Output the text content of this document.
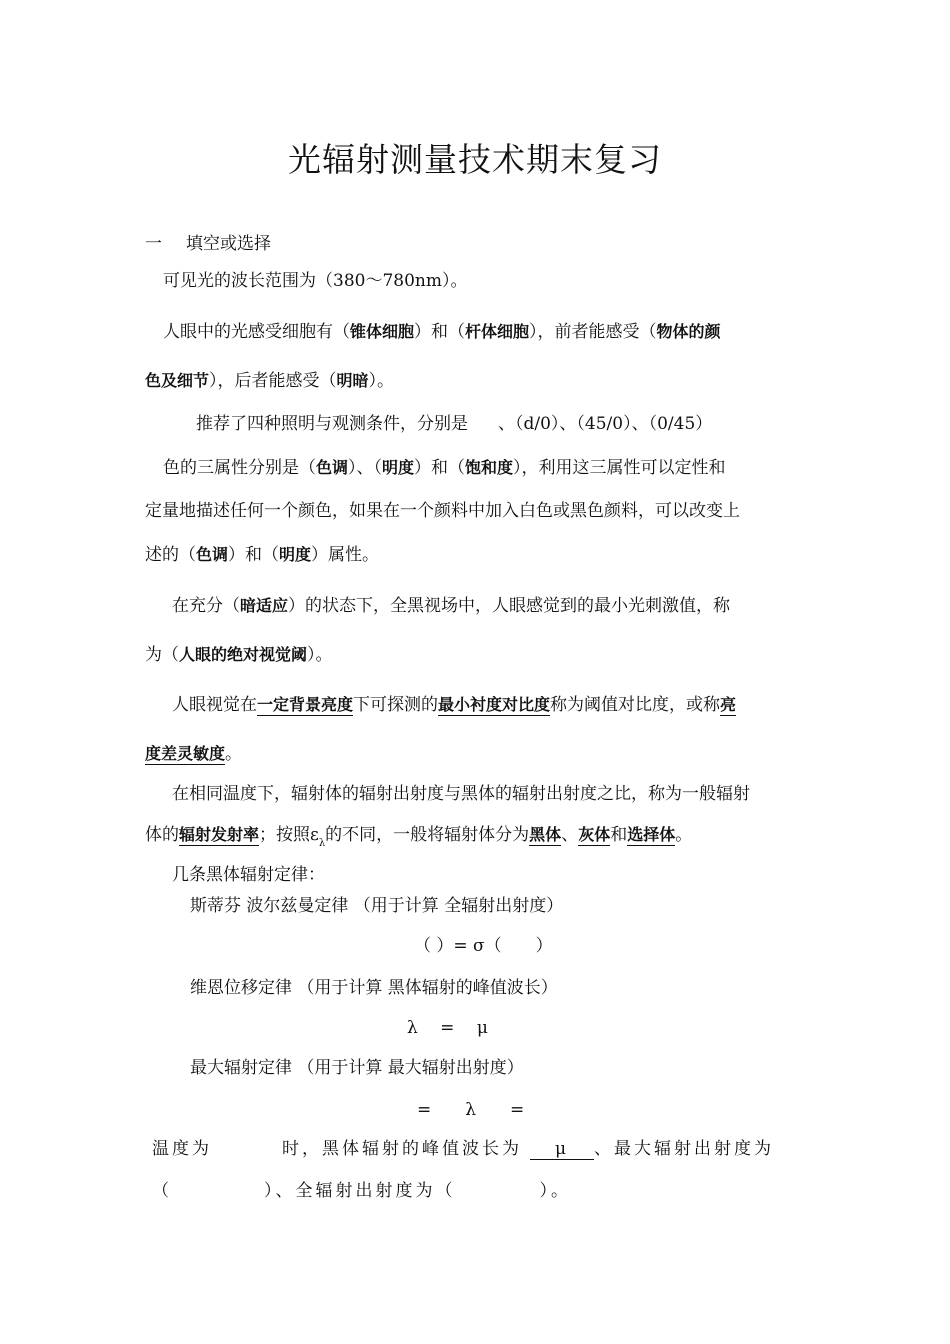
光辐射测量技术期末复习
一 填空或选择
可见光的波长范围为（380～780nm）。
人眼中的光感受细胞有（锥体细胞）和（杆体细胞），前者能感受（物体的颜
色及细节），后者能感受（明暗）。
推荐了四种照明与观测条件，分别是 、（d/0）、（45/0）、（0/45）
色的三属性分别是（色调）、（明度）和（饱和度），利用这三属性可以定性和
定量地描述任何一个颜色，如果在一个颜料中加入白色或黑色颜料，可以改变上
述的（色调）和（明度）属性。
在充分（暗适应）的状态下，全黑视场中，人眼感觉到的最小光刺激值，称
为（人眼的绝对视觉阈）。
人眼视觉在一定背景亮度下可探测的最小衬度对比度称为阈值对比度，或称亮
度差灵敏度。
在相同温度下，辐射体的辐射出射度与黑体的辐射出射度之比，称为一般辐射
体的辐射发射率；按照$\varepsilon_\lambda$的不同，一般将辐射体分为黑体、灰体和选择体。
几条黑体辐射定律：
斯蒂芬 波尔兹曼定律 （用于计算 全辐射出射度）
（ ）= σ（　　）
维恩位移定律 （用于计算 黑体辐射的峰值波长）
λ　 =　 μ
最大辐射定律 （用于计算 最大辐射出射度）
=　　λ　　=
温度为	时，黑体辐射的峰值波长为 μ 、最大辐射出射度为
（	）、全辐射出射度为（	）。
